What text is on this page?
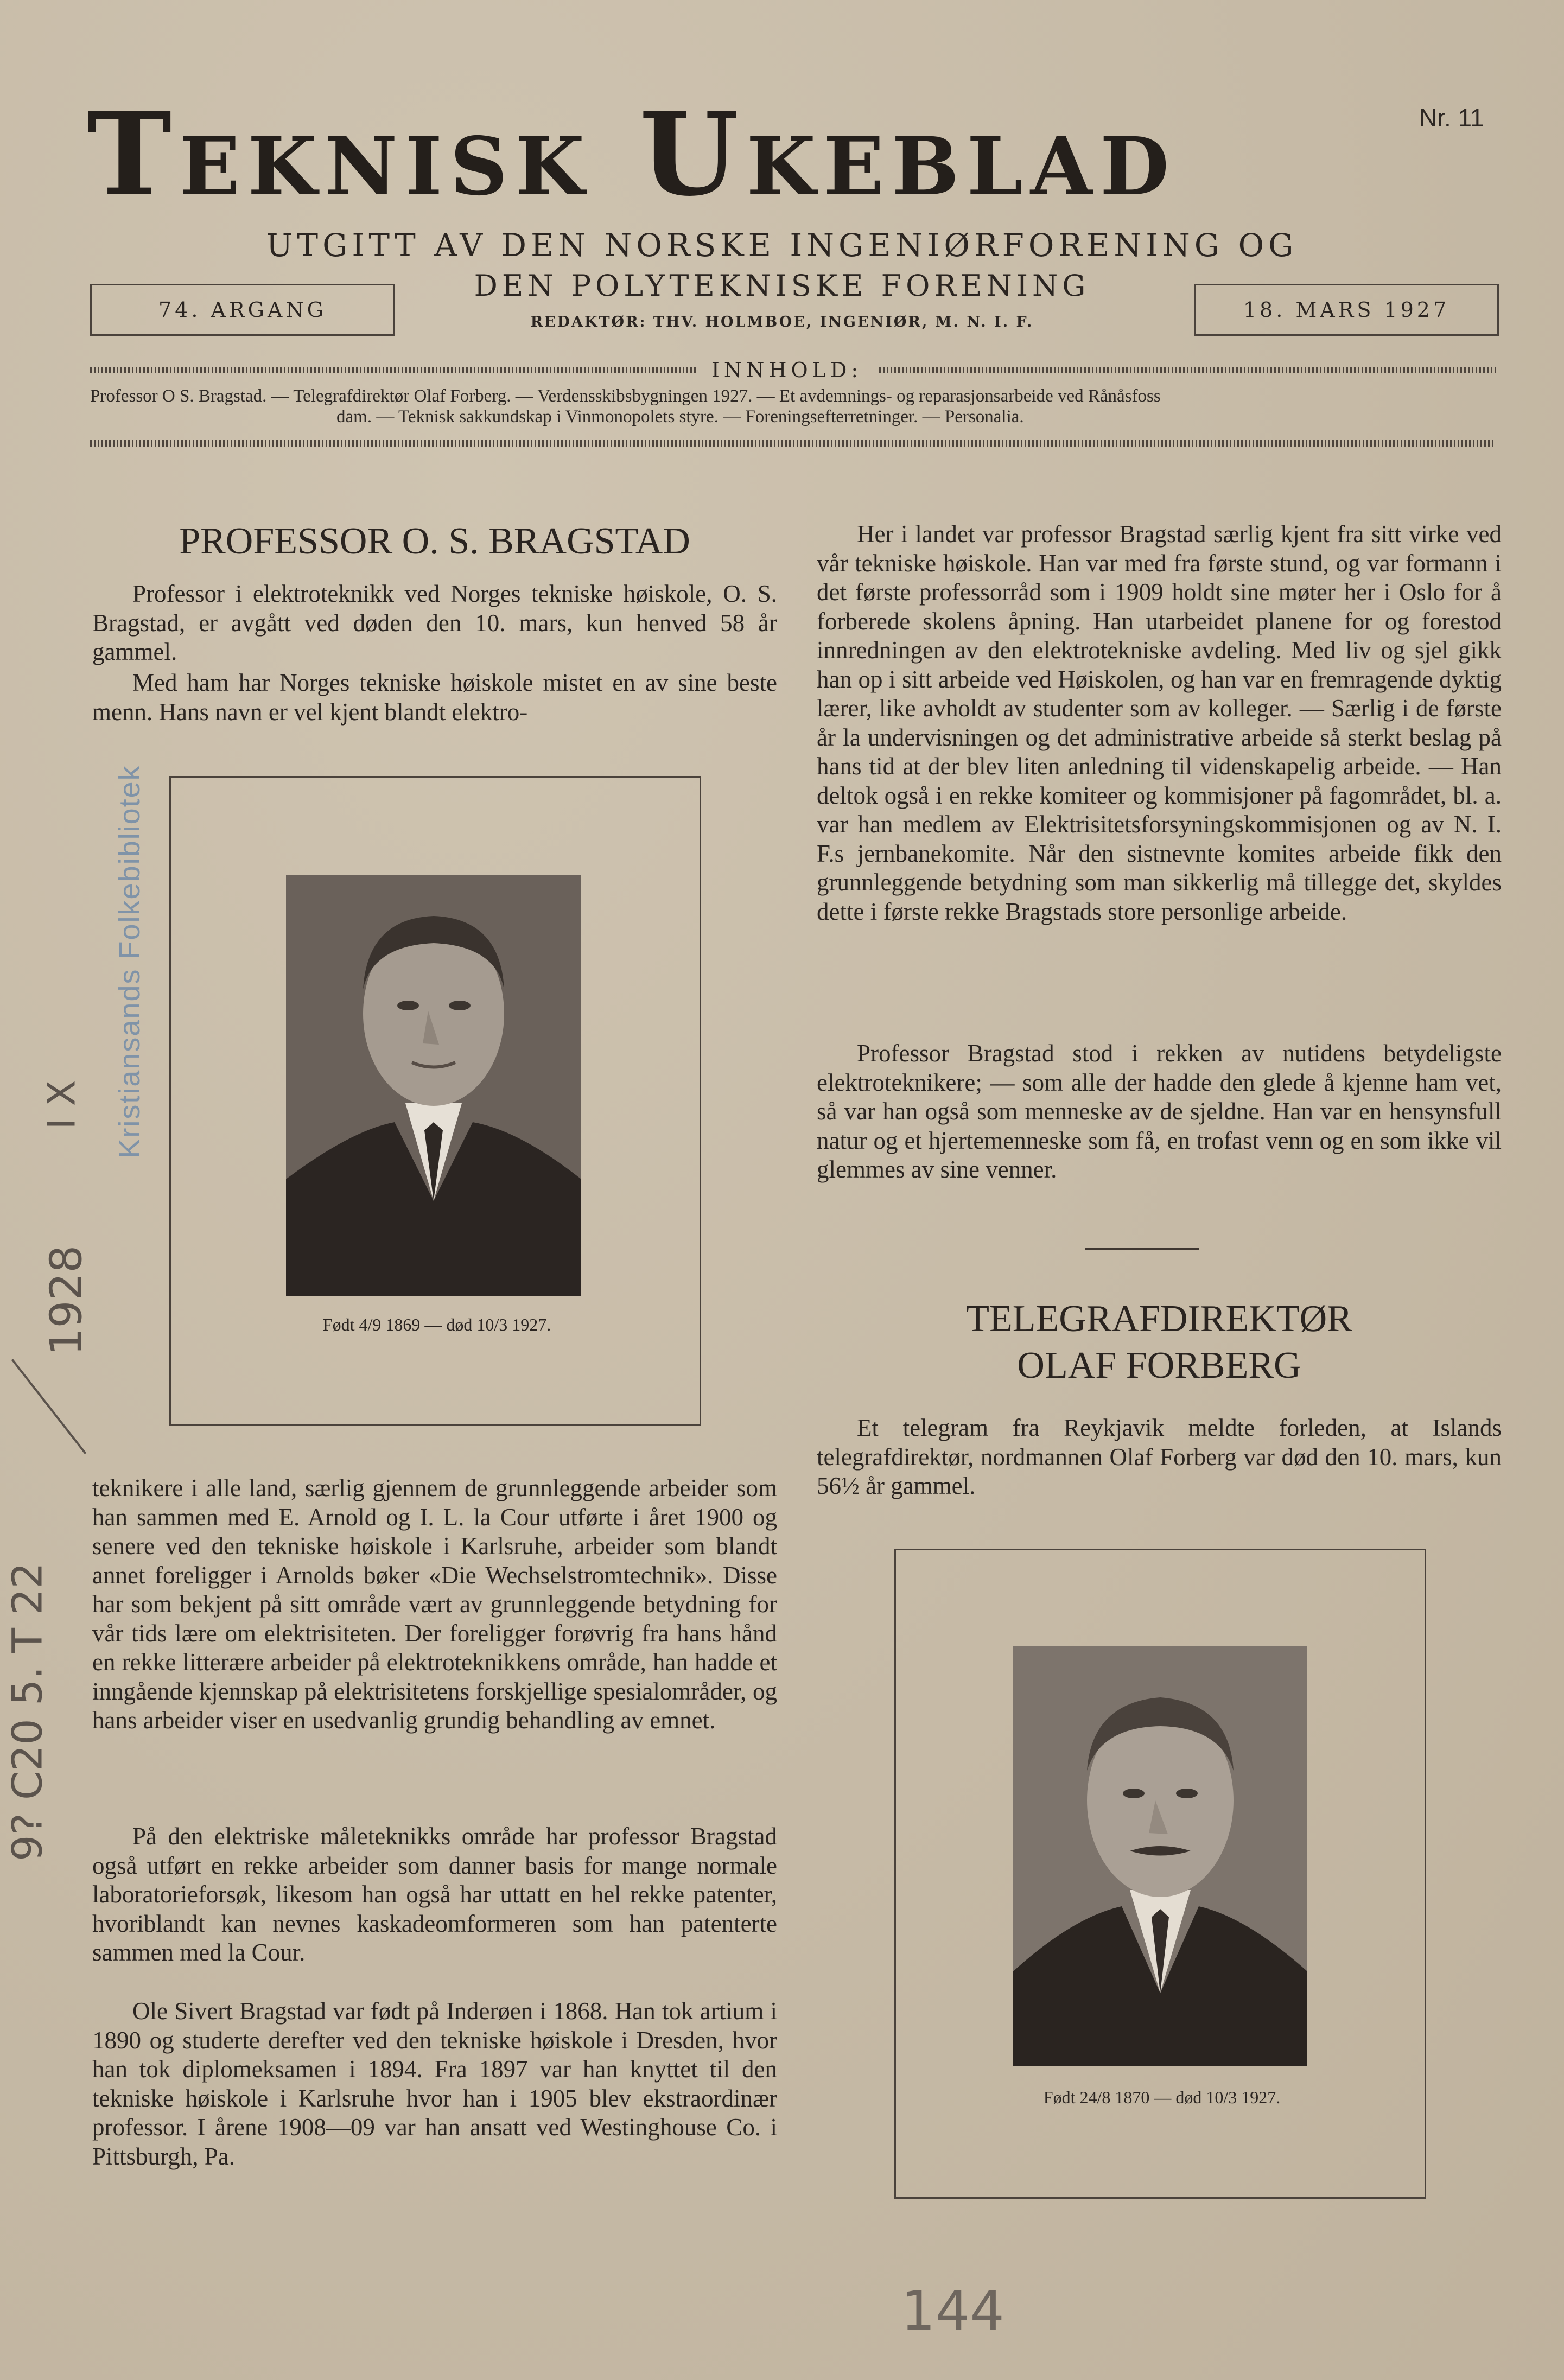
Teknisk Ukeblad	Nr. 11
UTGITT AV DEN NORSKE INGENIØRFORENING OG
DEN POLYTEKNISKE FORENING
REDAKTØR: THV. HOLMBOE, INGENIØR, M. N. I. F.
74. ARGANG	18. MARS 1927
INNHOLD:
Professor O S. Bragstad. — Telegrafdirektør Olaf Forberg. — Verdensskibsbygningen 1927. — Et avdemnings- og reparasjonsarbeide ved Rånåsfoss
dam. — Teknisk sakkundskap i Vinmonopolets styre. — Foreningsefterretninger. — Personalia.
PROFESSOR O. S. BRAGSTAD

Professor i elektroteknikk ved Norges tekniske høiskole, O. S. Bragstad, er avgått ved døden den 10. mars, kun henved 58 år gammel.

Med ham har Norges tekniske høiskole mistet en av sine beste menn. Hans navn er vel kjent blandt elektro-

Født 4/9 1869 — død 10/3 1927.

teknikere i alle land, særlig gjennem de grunnleggende arbeider som han sammen med E. Arnold og I. L. la Cour utførte i året 1900 og senere ved den tekniske høiskole i Karlsruhe, arbeider som blandt annet foreligger i Arnolds bøker «Die Wechselstromtechnik». Disse har som bekjent på sitt område vært av grunnleggende betydning for vår tids lære om elektrisiteten. Der foreligger forøvrig fra hans hånd en rekke litterære arbeider på elektroteknikkens område, han hadde et inngående kjennskap på elektrisitetens forskjellige spesialområder, og hans arbeider viser en usedvanlig grundig behandling av emnet.

På den elektriske måleteknikks område har professor Bragstad også utført en rekke arbeider som danner basis for mange normale laboratorieforsøk, likesom han også har uttatt en hel rekke patenter, hvoriblandt kan nevnes kaskadeomformeren som han patenterte sammen med la Cour.

Ole Sivert Bragstad var født på Inderøen i 1868. Han tok artium i 1890 og studerte derefter ved den tekniske høiskole i Dresden, hvor han tok diplomeksamen i 1894. Fra 1897 var han knyttet til den tekniske høiskole i Karlsruhe hvor han i 1905 blev ekstraordinær professor. I årene 1908—09 var han ansatt ved Westinghouse Co. i Pittsburgh, Pa.

Her i landet var professor Bragstad særlig kjent fra sitt virke ved vår tekniske høiskole. Han var med fra første stund, og var formann i det første professorråd som i 1909 holdt sine møter her i Oslo for å forberede skolens åpning. Han utarbeidet planene for og forestod innredningen av den elektrotekniske avdeling. Med liv og sjel gikk han op i sitt arbeide ved Høiskolen, og han var en fremragende dyktig lærer, like avholdt av studenter som av kolleger. — Særlig i de første år la undervisningen og det administrative arbeide så sterkt beslag på hans tid at der blev liten anledning til videnskapelig arbeide. — Han deltok også i en rekke komiteer og kommisjoner på fagområdet, bl. a. var han medlem av Elektrisitetsforsyningskommisjonen og av N. I. F.s jernbanekomite. Når den sistnevnte komites arbeide fikk den grunnleggende betydning som man sikkerlig må tillegge det, skyldes dette i første rekke Bragstads store personlige arbeide.

Professor Bragstad stod i rekken av nutidens betydeligste elektroteknikere; — som alle der hadde den glede å kjenne ham vet, så var han også som menneske av de sjeldne. Han var en hensynsfull natur og et hjertemenneske som få, en trofast venn og en som ikke vil glemmes av sine venner.

TELEGRAFDIREKTØR
OLAF FORBERG

Et telegram fra Reykjavik meldte forleden, at Islands telegrafdirektør, nordmannen Olaf Forberg var død den 10. mars, kun 56½ år gammel.

Født 24/8 1870 — død 10/3 1927.
Kristiansands Folkebibliotek
I X
1928
9? C20 5. T 22
144
